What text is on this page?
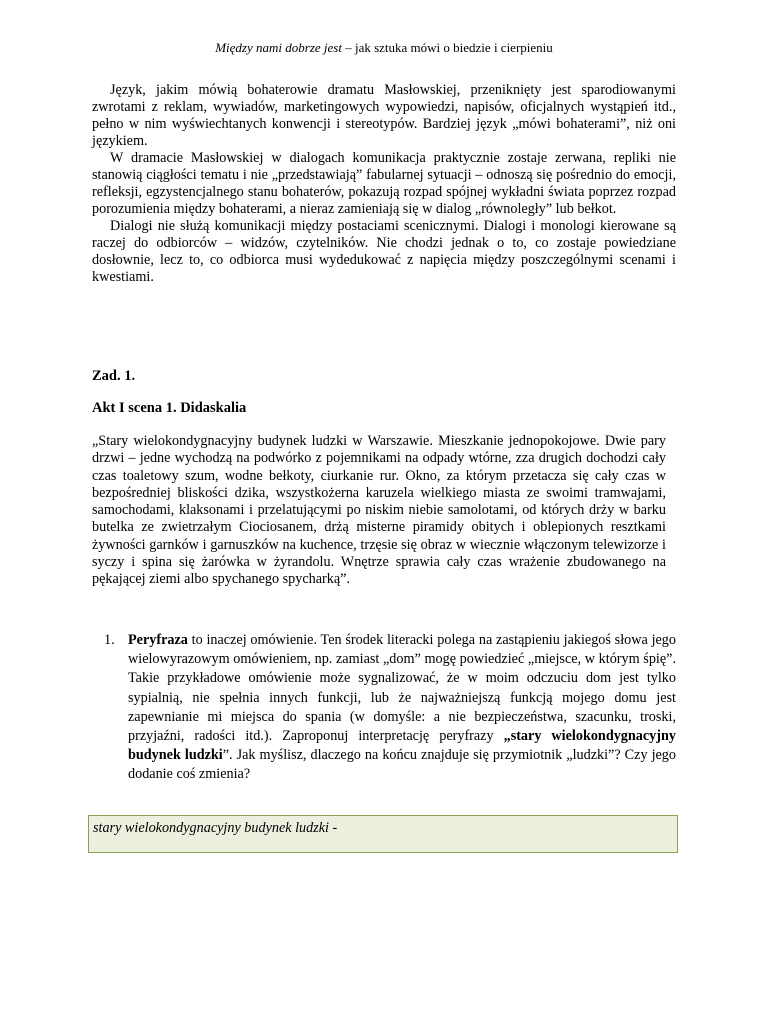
Między nami dobrze jest – jak sztuka mówi o biedzie i cierpieniu

Język, jakim mówią bohaterowie dramatu Masłowskiej, przeniknięty jest sparodiowanymi zwrotami z reklam, wywiadów, marketingowych wypowiedzi, napisów, oficjalnych wystąpień itd., pełno w nim wyświechtanych konwencji i stereotypów. Bardziej język „mówi bohaterami”, niż oni językiem.

W dramacie Masłowskiej w dialogach komunikacja praktycznie zostaje zerwana, repliki nie stanowią ciągłości tematu i nie „przedstawiają” fabularnej sytuacji – odnoszą się pośrednio do emocji, refleksji, egzystencjalnego stanu bohaterów, pokazują rozpad spójnej wykładni świata poprzez rozpad porozumienia między bohaterami, a nieraz zamieniają się w dialog „równoległy” lub bełkot.

Dialogi nie służą komunikacji między postaciami scenicznymi. Dialogi i monologi kierowane są raczej do odbiorców – widzów, czytelników. Nie chodzi jednak o to, co zostaje powiedziane dosłownie, lecz to, co odbiorca musi wydedukować z napięcia między poszczególnymi scenami i kwestiami.

Zad. 1.
Akt I scena 1. Didaskalia

„Stary wielokondygnacyjny budynek ludzki w Warszawie. Mieszkanie jednopokojowe. Dwie pary drzwi – jedne wychodzą na podwórko z pojemnikami na odpady wtórne, zza drugich dochodzi cały czas toaletowy szum, wodne bełkoty, ciurkanie rur. Okno, za którym przetacza się cały czas w bezpośredniej bliskości dzika, wszystkożerna karuzela wielkiego miasta ze swoimi tramwajami, samochodami, klaksonami i przelatującymi po niskim niebie samolotami, od których drży w barku butelka ze zwietrzałym Ciociosanem, drżą misterne piramidy obitych i oblepionych resztkami żywności garnków i garnuszków na kuchence, trzęsie się obraz w wiecznie włączonym telewizorze i syczy i spina się żarówka w żyrandolu. Wnętrze sprawia cały czas wrażenie zbudowanego na pękającej ziemi albo spychanego spycharką”.

1. Peryfraza to inaczej omówienie. Ten środek literacki polega na zastąpieniu jakiegoś słowa jego wielowyrazowym omówieniem, np. zamiast „dom” mogę powiedzieć „miejsce, w którym śpię”. Takie przykładowe omówienie może sygnalizować, że w moim odczuciu dom jest tylko sypialnią, nie spełnia innych funkcji, lub że najważniejszą funkcją mojego domu jest zapewnianie mi miejsca do spania (w domyśle: a nie bezpieczeństwa, szacunku, troski, przyjaźni, radości itd.). Zaproponuj interpretację peryfrazy „stary wielokondygnacyjny budynek ludzki”. Jak myślisz, dlaczego na końcu znajduje się przymiotnik „ludzki”? Czy jego dodanie coś zmienia?
stary wielokondygnacyjny budynek ludzki -
